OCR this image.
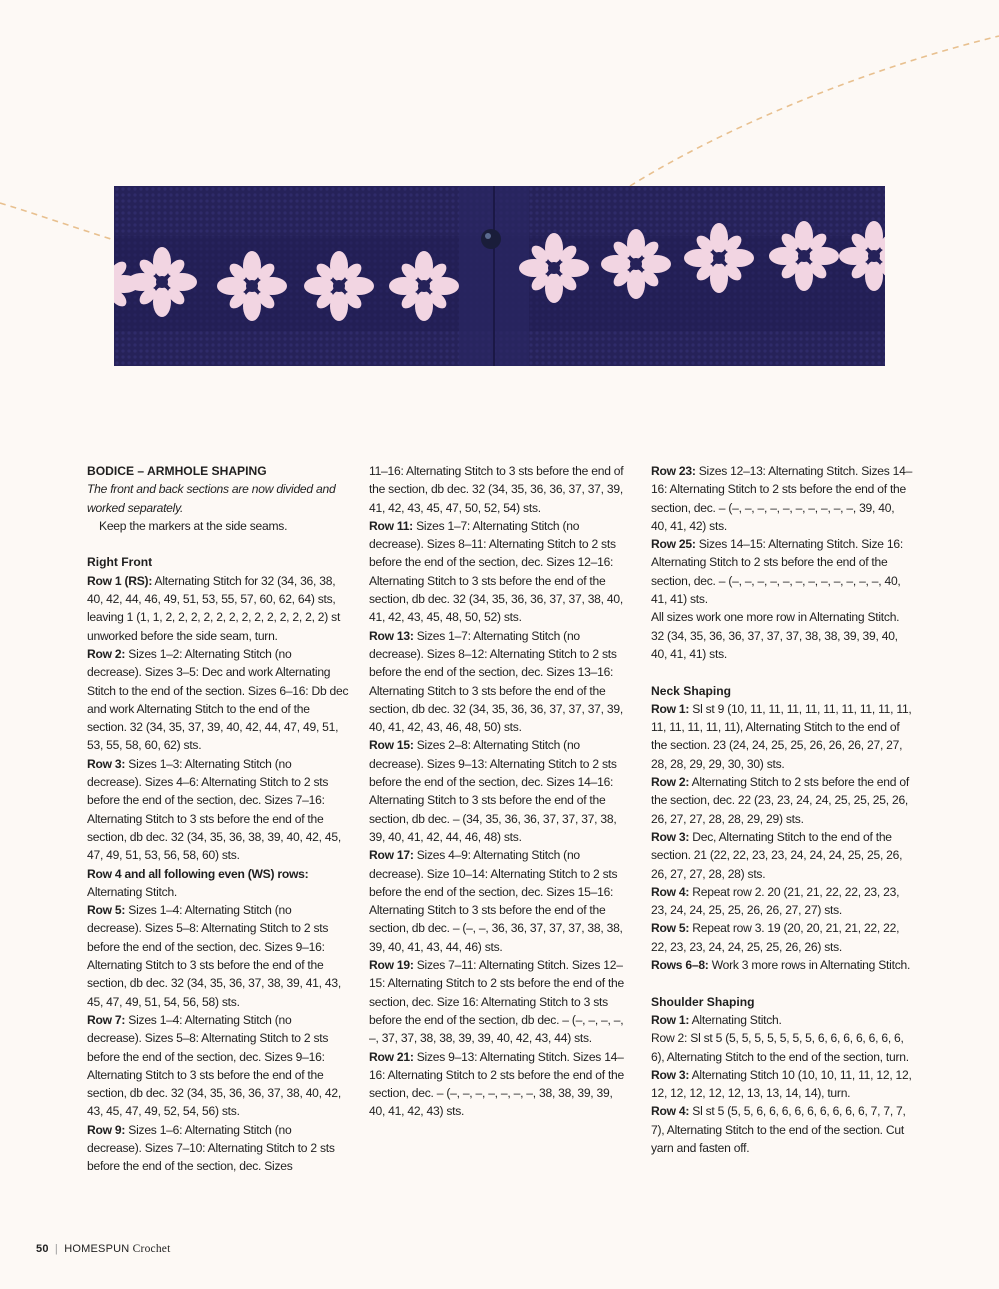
BODICE – ARMHOLE SHAPING

The front and back sections are now divided and worked separately.

Keep the markers at the side seams.

Right Front

Row 1 (RS): Alternating Stitch for 32 (34, 36, 38, 40, 42, 44, 46, 49, 51, 53, 55, 57, 60, 62, 64) sts, leaving 1 (1, 1, 2, 2, 2, 2, 2, 2, 2, 2, 2, 2, 2, 2, 2) st unworked before the side seam, turn.

Row 2: Sizes 1–2: Alternating Stitch (no decrease). Sizes 3–5: Dec and work Alternating Stitch to the end of the section. Sizes 6–16: Db dec and work Alternating Stitch to the end of the section. 32 (34, 35, 37, 39, 40, 42, 44, 47, 49, 51, 53, 55, 58, 60, 62) sts.

Row 3: Sizes 1–3: Alternating Stitch (no decrease). Sizes 4–6: Alternating Stitch to 2 sts before the end of the section, dec. Sizes 7–16: Alternating Stitch to 3 sts before the end of the section, db dec. 32 (34, 35, 36, 38, 39, 40, 42, 45, 47, 49, 51, 53, 56, 58, 60) sts.

Row 4 and all following even (WS) rows: Alternating Stitch.

Row 5: Sizes 1–4: Alternating Stitch (no decrease). Sizes 5–8: Alternating Stitch to 2 sts before the end of the section, dec. Sizes 9–16: Alternating Stitch to 3 sts before the end of the section, db dec. 32 (34, 35, 36, 37, 38, 39, 41, 43, 45, 47, 49, 51, 54, 56, 58) sts.

Row 7: Sizes 1–4: Alternating Stitch (no decrease). Sizes 5–8: Alternating Stitch to 2 sts before the end of the section, dec. Sizes 9–16: Alternating Stitch to 3 sts before the end of the section, db dec. 32 (34, 35, 36, 36, 37, 38, 40, 42, 43, 45, 47, 49, 52, 54, 56) sts.

Row 9: Sizes 1–6: Alternating Stitch (no decrease). Sizes 7–10: Alternating Stitch to 2 sts before the end of the section, dec. Sizes

11–16: Alternating Stitch to 3 sts before the end of the section, db dec. 32 (34, 35, 36, 36, 37, 37, 39, 41, 42, 43, 45, 47, 50, 52, 54) sts.

Row 11: Sizes 1–7: Alternating Stitch (no decrease). Sizes 8–11: Alternating Stitch to 2 sts before the end of the section, dec. Sizes 12–16: Alternating Stitch to 3 sts before the end of the section, db dec. 32 (34, 35, 36, 36, 37, 37, 38, 40, 41, 42, 43, 45, 48, 50, 52) sts.

Row 13: Sizes 1–7: Alternating Stitch (no decrease). Sizes 8–12: Alternating Stitch to 2 sts before the end of the section, dec. Sizes 13–16: Alternating Stitch to 3 sts before the end of the section, db dec. 32 (34, 35, 36, 36, 37, 37, 37, 39, 40, 41, 42, 43, 46, 48, 50) sts.

Row 15: Sizes 2–8: Alternating Stitch (no decrease). Sizes 9–13: Alternating Stitch to 2 sts before the end of the section, dec. Sizes 14–16: Alternating Stitch to 3 sts before the end of the section, db dec. – (34, 35, 36, 36, 37, 37, 37, 38, 39, 40, 41, 42, 44, 46, 48) sts.

Row 17: Sizes 4–9: Alternating Stitch (no decrease). Size 10–14: Alternating Stitch to 2 sts before the end of the section, dec. Sizes 15–16: Alternating Stitch to 3 sts before the end of the section, db dec. – (–, –, 36, 36, 37, 37, 37, 38, 38, 39, 40, 41, 43, 44, 46) sts.

Row 19: Sizes 7–11: Alternating Stitch. Sizes 12–15: Alternating Stitch to 2 sts before the end of the section, dec. Size 16: Alternating Stitch to 3 sts before the end of the section, db dec. – (–, –, –, –, –, 37, 37, 38, 38, 39, 39, 40, 42, 43, 44) sts.

Row 21: Sizes 9–13: Alternating Stitch. Sizes 14–16: Alternating Stitch to 2 sts before the end of the section, dec. – (–, –, –, –, –, –, –, 38, 38, 39, 39, 40, 41, 42, 43) sts.

Row 23: Sizes 12–13: Alternating Stitch. Sizes 14–16: Alternating Stitch to 2 sts before the end of the section, dec. – (–, –, –, –, –, –, –, –, –, –, 39, 40, 40, 41, 42) sts.

Row 25: Sizes 14–15: Alternating Stitch. Size 16: Alternating Stitch to 2 sts before the end of the section, dec. – (–, –, –, –, –, –, –, –, –, –, –, –, 40, 41, 41) sts.

All sizes work one more row in Alternating Stitch. 32 (34, 35, 36, 36, 37, 37, 37, 38, 38, 39, 39, 40, 40, 41, 41) sts.

Neck Shaping

Row 1: Sl st 9 (10, 11, 11, 11, 11, 11, 11, 11, 11, 11, 11, 11, 11, 11, 11), Alternating Stitch to the end of the section. 23 (24, 24, 25, 25, 26, 26, 26, 27, 27, 28, 28, 29, 29, 30, 30) sts.

Row 2: Alternating Stitch to 2 sts before the end of the section, dec. 22 (23, 23, 24, 24, 25, 25, 25, 26, 26, 27, 27, 28, 28, 29, 29) sts.

Row 3: Dec, Alternating Stitch to the end of the section. 21 (22, 22, 23, 23, 24, 24, 24, 25, 25, 26, 26, 27, 27, 28, 28) sts.

Row 4: Repeat row 2. 20 (21, 21, 22, 22, 23, 23, 23, 24, 24, 25, 25, 26, 26, 27, 27) sts.

Row 5: Repeat row 3. 19 (20, 20, 21, 21, 22, 22, 22, 23, 23, 24, 24, 25, 25, 26, 26) sts.

Rows 6–8: Work 3 more rows in Alternating Stitch.

Shoulder Shaping

Row 1: Alternating Stitch.

Row 2: Sl st 5 (5, 5, 5, 5, 5, 5, 5, 6, 6, 6, 6, 6, 6, 6, 6), Alternating Stitch to the end of the section, turn.

Row 3: Alternating Stitch 10 (10, 10, 11, 11, 12, 12, 12, 12, 12, 12, 12, 13, 13, 14, 14), turn.

Row 4: Sl st 5 (5, 5, 6, 6, 6, 6, 6, 6, 6, 6, 6, 7, 7, 7, 7), Alternating Stitch to the end of the section. Cut yarn and fasten off.

50 | HOMESPUN Crochet
